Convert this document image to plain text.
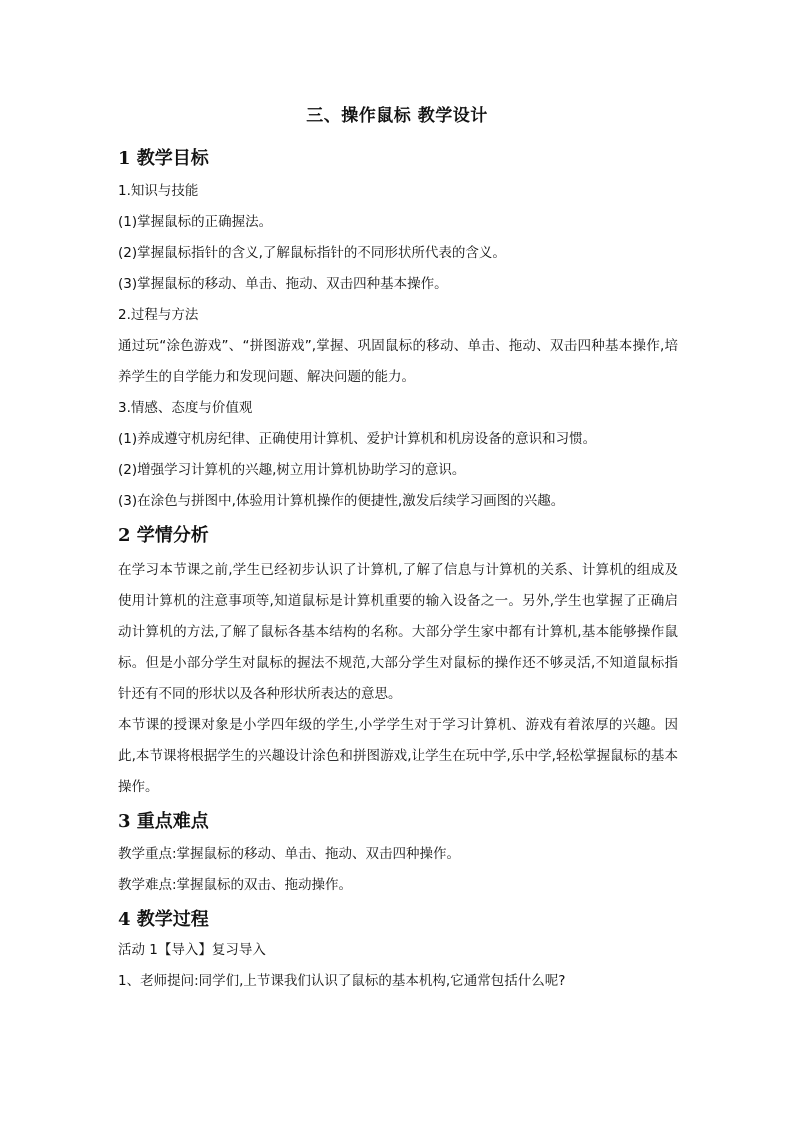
三、操作鼠标 教学设计
1 教学目标

1.知识与技能

(1)掌握鼠标的正确握法。

(2)掌握鼠标指针的含义,了解鼠标指针的不同形状所代表的含义。

(3)掌握鼠标的移动、单击、拖动、双击四种基本操作。

2.过程与方法

通过玩“涂色游戏”、“拼图游戏”,掌握、巩固鼠标的移动、单击、拖动、双击四种基本操作,培养学生的自学能力和发现问题、解决问题的能力。

3.情感、态度与价值观

(1)养成遵守机房纪律、正确使用计算机、爱护计算机和机房设备的意识和习惯。

(2)增强学习计算机的兴趣,树立用计算机协助学习的意识。

(3)在涂色与拼图中,体验用计算机操作的便捷性,激发后续学习画图的兴趣。

2 学情分析

在学习本节课之前,学生已经初步认识了计算机,了解了信息与计算机的关系、计算机的组成及使用计算机的注意事项等,知道鼠标是计算机重要的输入设备之一。另外,学生也掌握了正确启动计算机的方法,了解了鼠标各基本结构的名称。大部分学生家中都有计算机,基本能够操作鼠标。但是小部分学生对鼠标的握法不规范,大部分学生对鼠标的操作还不够灵活,不知道鼠标指针还有不同的形状以及各种形状所表达的意思。

本节课的授课对象是小学四年级的学生,小学学生对于学习计算机、游戏有着浓厚的兴趣。因此,本节课将根据学生的兴趣设计涂色和拼图游戏,让学生在玩中学,乐中学,轻松掌握鼠标的基本操作。

3 重点难点

教学重点:掌握鼠标的移动、单击、拖动、双击四种操作。

教学难点:掌握鼠标的双击、拖动操作。

4 教学过程

活动 1【导入】复习导入

1、老师提问:同学们,上节课我们认识了鼠标的基本机构,它通常包括什么呢?
